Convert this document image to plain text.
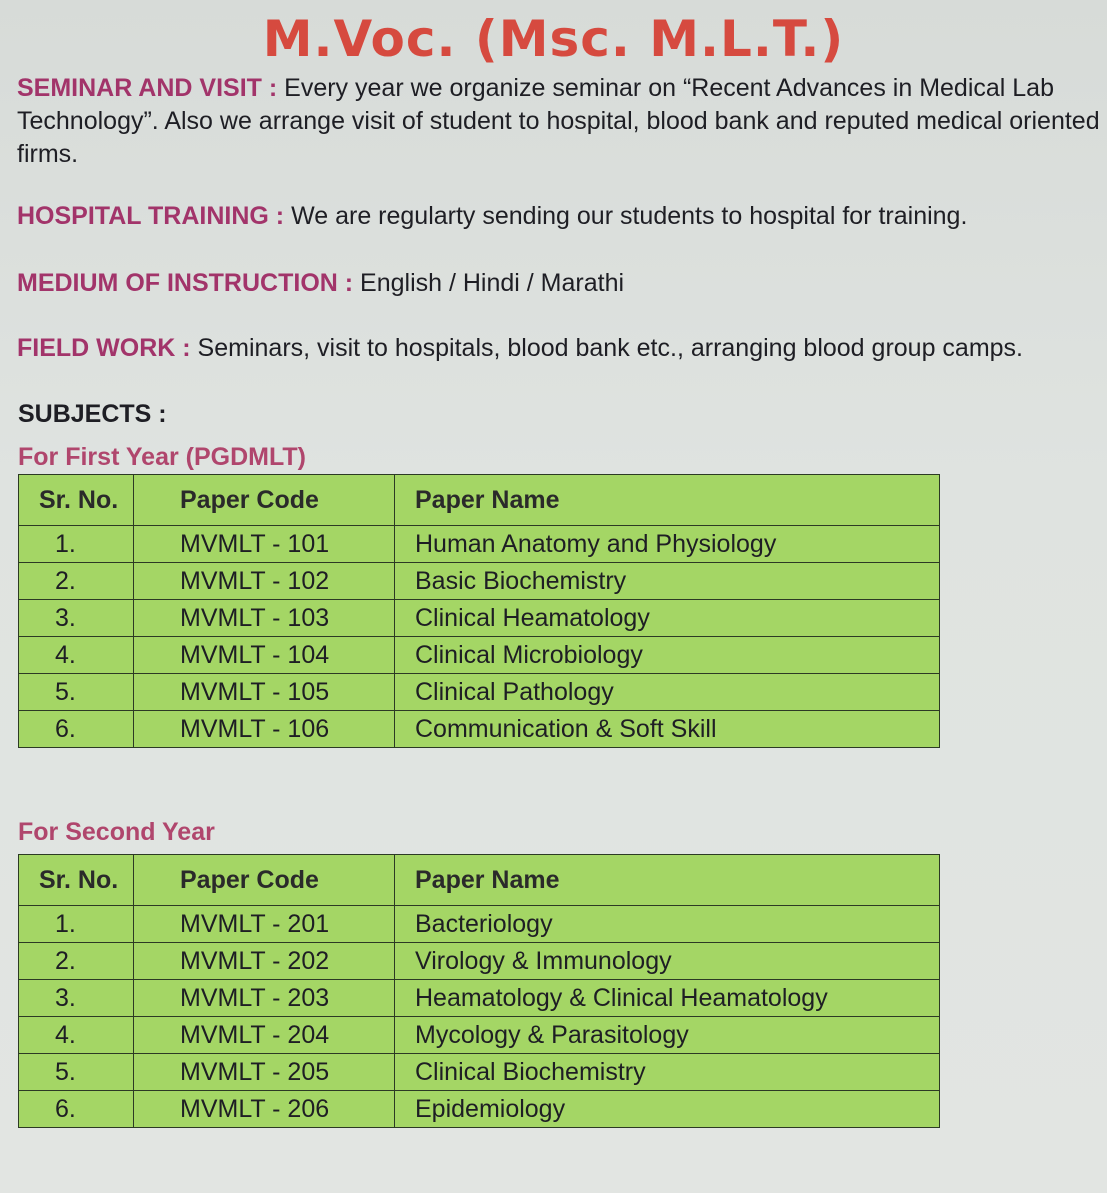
M.Voc. (Msc. M.L.T.)

SEMINAR AND VISIT : Every year we organize seminar on “Recent Advances in Medical Lab Technology”. Also we arrange visit of student to hospital, blood bank and reputed medical oriented firms.

HOSPITAL TRAINING : We are regularty sending our students to hospital for training.

MEDIUM OF INSTRUCTION : English / Hindi / Marathi

FIELD WORK : Seminars, visit to hospitals, blood bank etc., arranging blood group camps.

SUBJECTS :
For First Year (PGDMLT)
Sr. No.	Paper Code	Paper Name
1.	MVMLT - 101	Human Anatomy and Physiology
2.	MVMLT - 102	Basic Biochemistry
3.	MVMLT - 103	Clinical Heamatology
4.	MVMLT - 104	Clinical Microbiology
5.	MVMLT - 105	Clinical Pathology
6.	MVMLT - 106	Communication & Soft Skill
For Second Year
Sr. No.	Paper Code	Paper Name
1.	MVMLT - 201	Bacteriology
2.	MVMLT - 202	Virology & Immunology
3.	MVMLT - 203	Heamatology & Clinical Heamatology
4.	MVMLT - 204	Mycology & Parasitology
5.	MVMLT - 205	Clinical Biochemistry
6.	MVMLT - 206	Epidemiology
